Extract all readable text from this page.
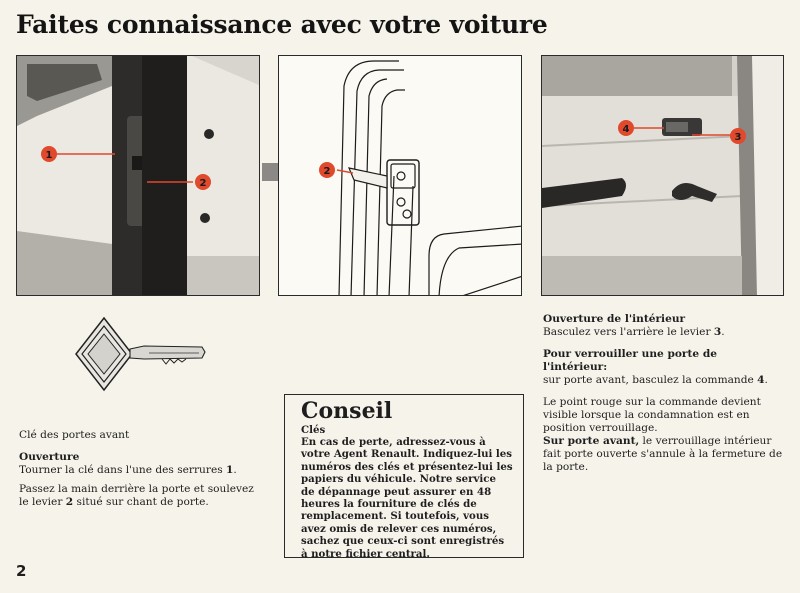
Faites connaissance avec votre voiture
1
2
2
4
3

Clé des portes avant

Ouverture
Tourner la clé dans l'une des serrures 1.

Passez la main derrière la porte et soulevez le levier 2 situé sur chant de porte.

Conseil
Clés
En cas de perte, adressez-vous à votre Agent Renault. Indiquez-lui les numéros des clés et présentez-lui les papiers du véhicule. Notre service de dépannage peut assurer en 48 heures la fourniture de clés de remplacement. Si toutefois, vous avez omis de relever ces numéros, sachez que ceux-ci sont enregistrés à notre fichier central.

Ouverture de l'intérieur
Basculez vers l'arrière le levier 3.

Pour verrouiller une porte de l'intérieur:
sur porte avant, basculez la commande 4.

Le point rouge sur la commande devient visible lorsque la condamnation est en position verrouillage.

Sur porte avant, le verrouillage intérieur fait porte ouverte s'annule à la fermeture de la porte.

2
